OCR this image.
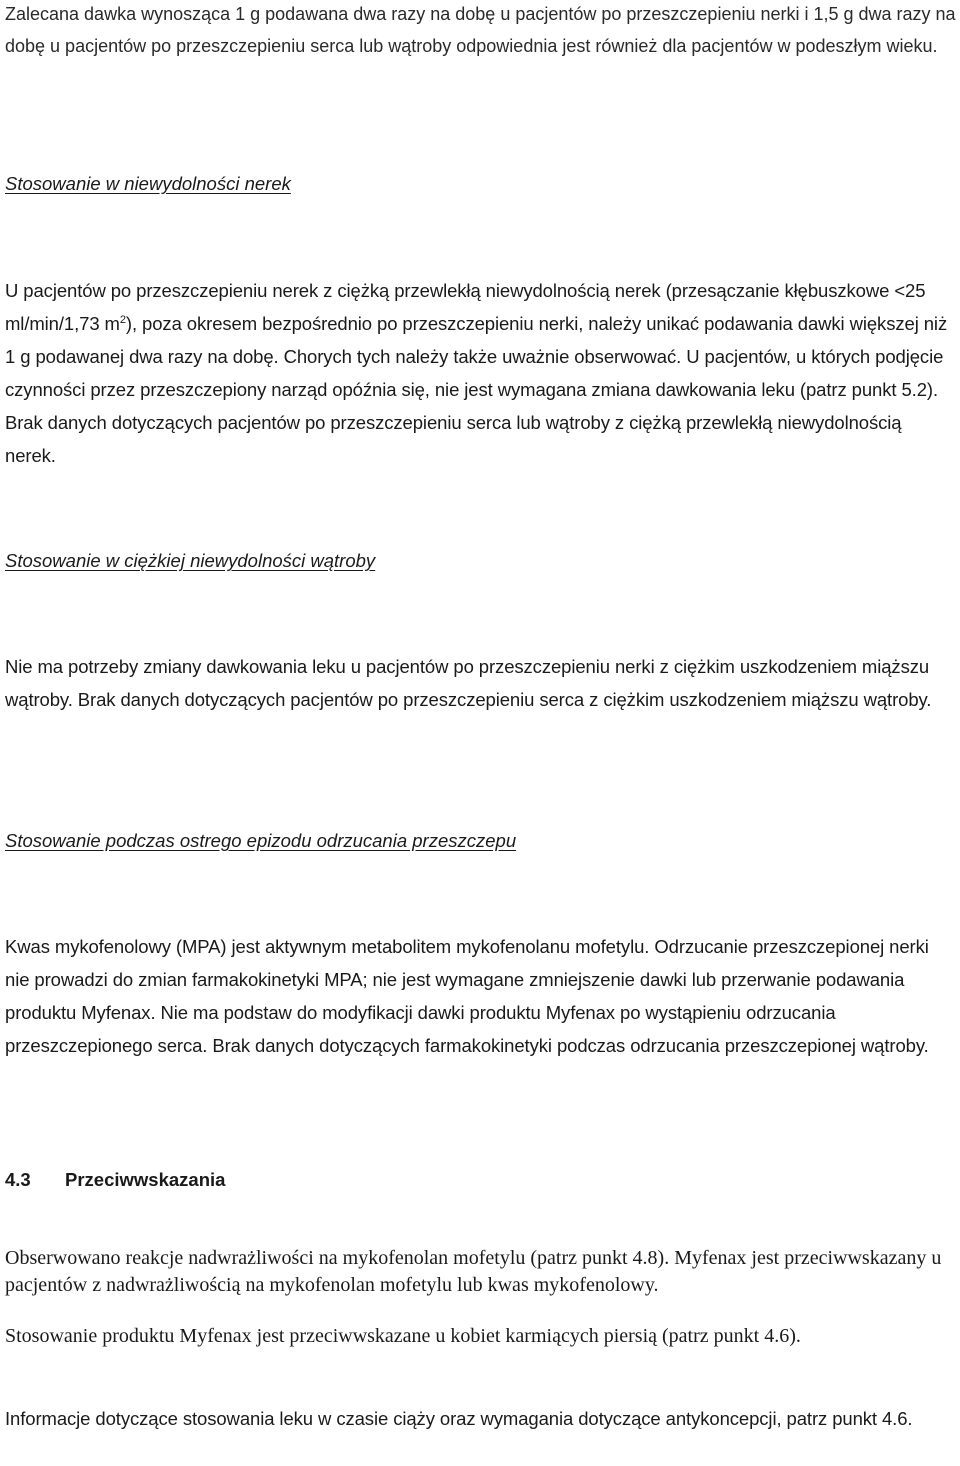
Zalecana dawka wynosząca 1 g podawana dwa razy na dobę u pacjentów po przeszczepieniu nerki i 1,5 g dwa razy na dobę u pacjentów po przeszczepieniu serca lub wątroby odpowiednia jest również dla pacjentów w podeszłym wieku.

Stosowanie w niewydolności nerek

U pacjentów po przeszczepieniu nerek z ciężką przewlekłą niewydolnością nerek (przesączanie kłębuszkowe <25 ml/min/1,73 $m^2$), poza okresem bezpośrednio po przeszczepieniu nerki, należy unikać podawania dawki większej niż 1 g podawanej dwa razy na dobę. Chorych tych należy także uważnie obserwować. U pacjentów, u których podjęcie czynności przez przeszczepiony narząd opóźnia się, nie jest wymagana zmiana dawkowania leku (patrz punkt 5.2). Brak danych dotyczących pacjentów po przeszczepieniu serca lub wątroby z ciężką przewlekłą niewydolnością nerek.

Stosowanie w ciężkiej niewydolności wątroby

Nie ma potrzeby zmiany dawkowania leku u pacjentów po przeszczepieniu nerki z ciężkim uszkodzeniem miąższu wątroby. Brak danych dotyczących pacjentów po przeszczepieniu serca z ciężkim uszkodzeniem miąższu wątroby.

Stosowanie podczas ostrego epizodu odrzucania przeszczepu

Kwas mykofenolowy (MPA) jest aktywnym metabolitem mykofenolanu mofetylu. Odrzucanie przeszczepionej nerki nie prowadzi do zmian farmakokinetyki MPA; nie jest wymagane zmniejszenie dawki lub przerwanie podawania produktu Myfenax. Nie ma podstaw do modyfikacji dawki produktu Myfenax po wystąpieniu odrzucania przeszczepionego serca. Brak danych dotyczących farmakokinetyki podczas odrzucania przeszczepionej wątroby.

4.3 Przeciwwskazania

Obserwowano reakcje nadwrażliwości na mykofenolan mofetylu (patrz punkt 4.8). Myfenax jest przeciwwskazany u pacjentów z nadwrażliwością na mykofenolan mofetylu lub kwas mykofenolowy.

Stosowanie produktu Myfenax jest przeciwwskazane u kobiet karmiących piersią (patrz punkt 4.6).

Informacje dotyczące stosowania leku w czasie ciąży oraz wymagania dotyczące antykoncepcji, patrz punkt 4.6.
